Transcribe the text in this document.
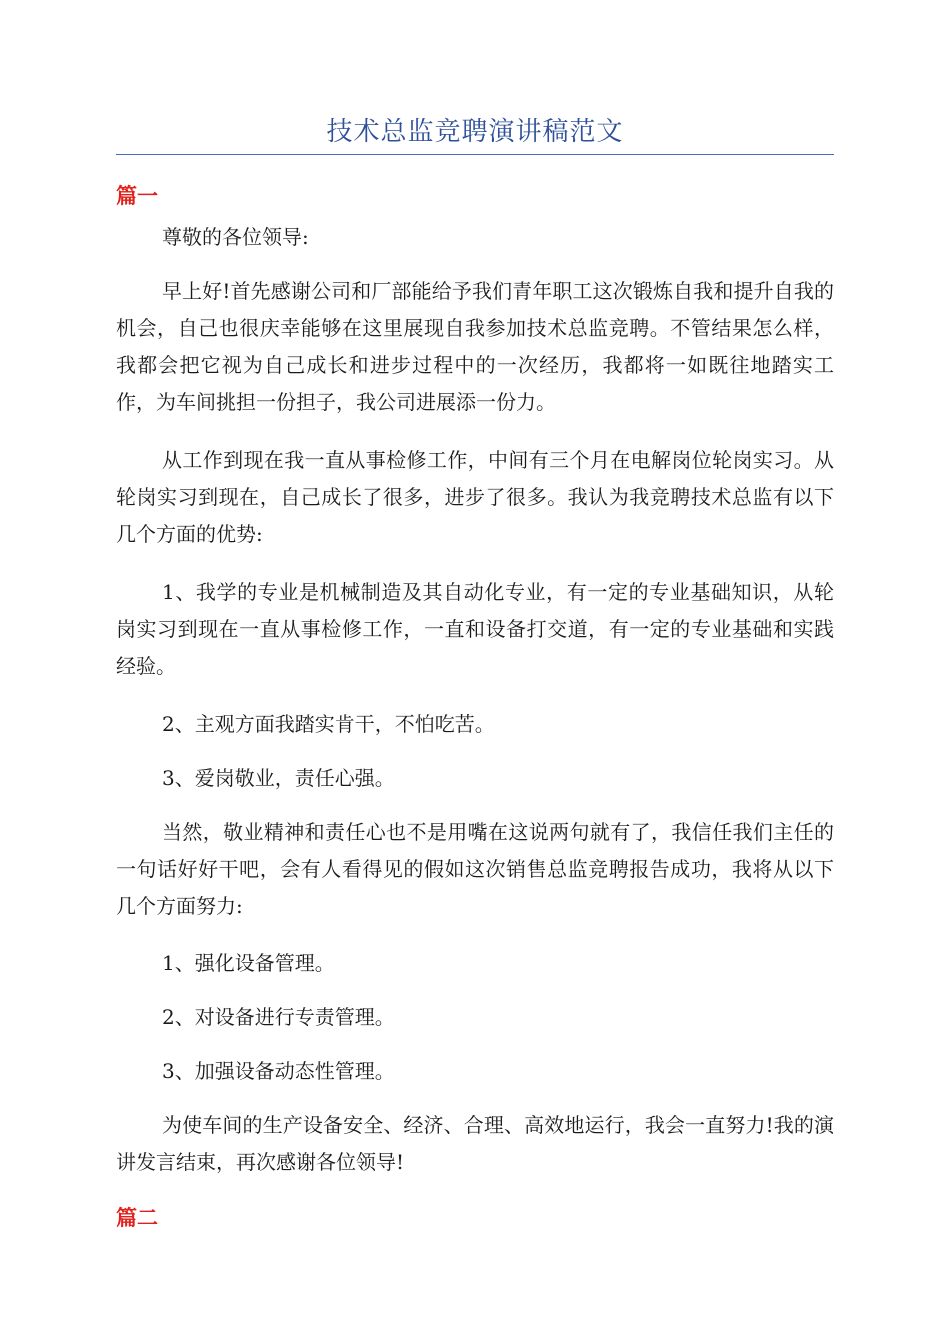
技术总监竞聘演讲稿范文
篇一

尊敬的各位领导:

早上好!首先感谢公司和厂部能给予我们青年职工这次锻炼自我和提升自我的机会，自己也很庆幸能够在这里展现自我参加技术总监竞聘。不管结果怎么样，我都会把它视为自己成长和进步过程中的一次经历，我都将一如既往地踏实工作，为车间挑担一份担子，我公司进展添一份力。

从工作到现在我一直从事检修工作，中间有三个月在电解岗位轮岗实习。从轮岗实习到现在，自己成长了很多，进步了很多。我认为我竞聘技术总监有以下几个方面的优势:

1、我学的专业是机械制造及其自动化专业，有一定的专业基础知识，从轮岗实习到现在一直从事检修工作，一直和设备打交道，有一定的专业基础和实践经验。

2、主观方面我踏实肯干，不怕吃苦。

3、爱岗敬业，责任心强。

当然，敬业精神和责任心也不是用嘴在这说两句就有了，我信任我们主任的一句话好好干吧，会有人看得见的假如这次销售总监竞聘报告成功，我将从以下几个方面努力:

1、强化设备管理。

2、对设备进行专责管理。

3、加强设备动态性管理。

为使车间的生产设备安全、经济、合理、高效地运行，我会一直努力!我的演讲发言结束，再次感谢各位领导!

篇二
